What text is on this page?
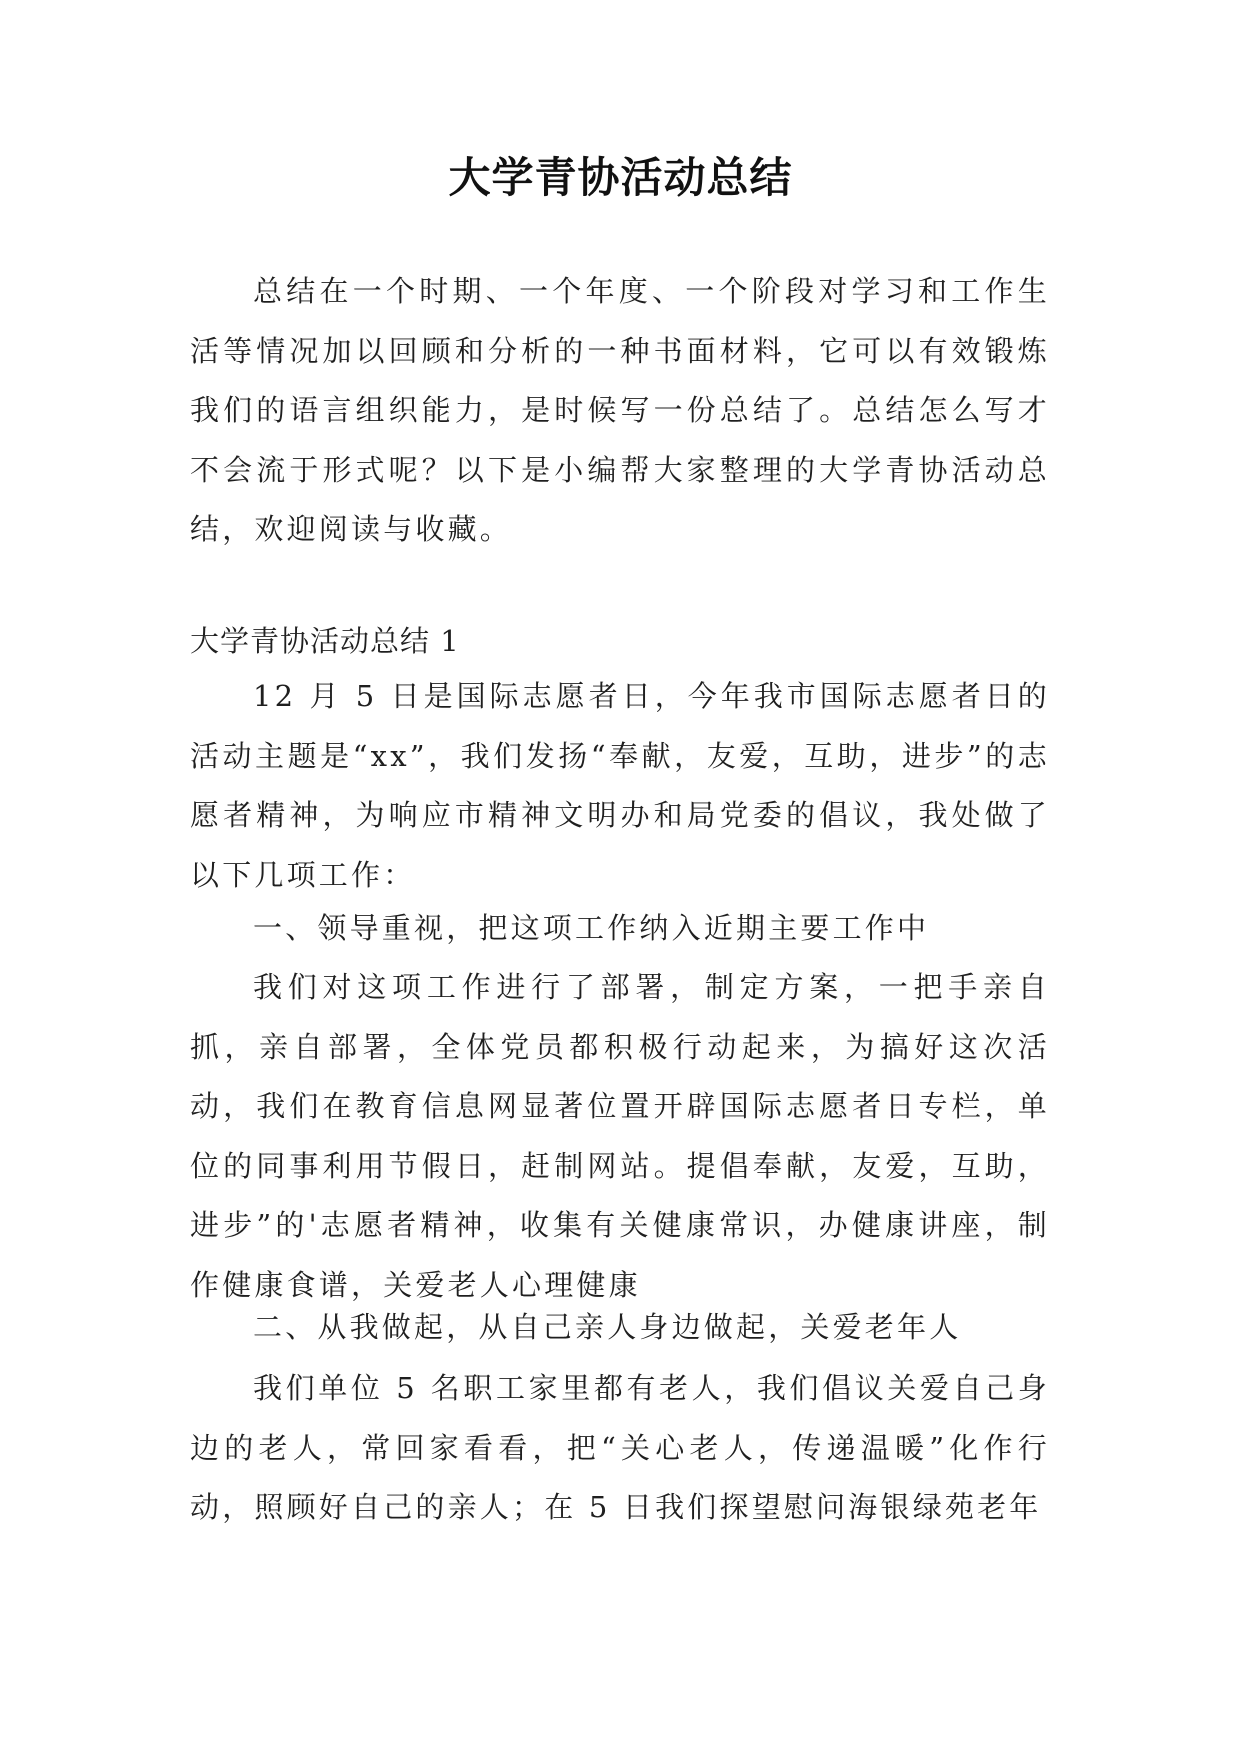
大学青协活动总结

总结在一个时期、一个年度、一个阶段对学习和工作生活等情况加以回顾和分析的一种书面材料，它可以有效锻炼我们的语言组织能力，是时候写一份总结了。总结怎么写才不会流于形式呢？以下是小编帮大家整理的大学青协活动总结，欢迎阅读与收藏。

大学青协活动总结 1

12 月 5 日是国际志愿者日，今年我市国际志愿者日的活动主题是“xx”，我们发扬“奉献，友爱，互助，进步”的志愿者精神，为响应市精神文明办和局党委的倡议，我处做了以下几项工作：

一、领导重视，把这项工作纳入近期主要工作中

我们对这项工作进行了部署，制定方案，一把手亲自抓，亲自部署，全体党员都积极行动起来，为搞好这次活动，我们在教育信息网显著位置开辟国际志愿者日专栏，单位的同事利用节假日，赶制网站。提倡奉献，友爱，互助，进步”的'志愿者精神，收集有关健康常识，办健康讲座，制作健康食谱，关爱老人心理健康

二、从我做起，从自己亲人身边做起，关爱老年人

我们单位 5 名职工家里都有老人，我们倡议关爱自己身边的老人，常回家看看，把“关心老人，传递温暖”化作行动，照顾好自己的亲人；在 5 日我们探望慰问海银绿苑老年
